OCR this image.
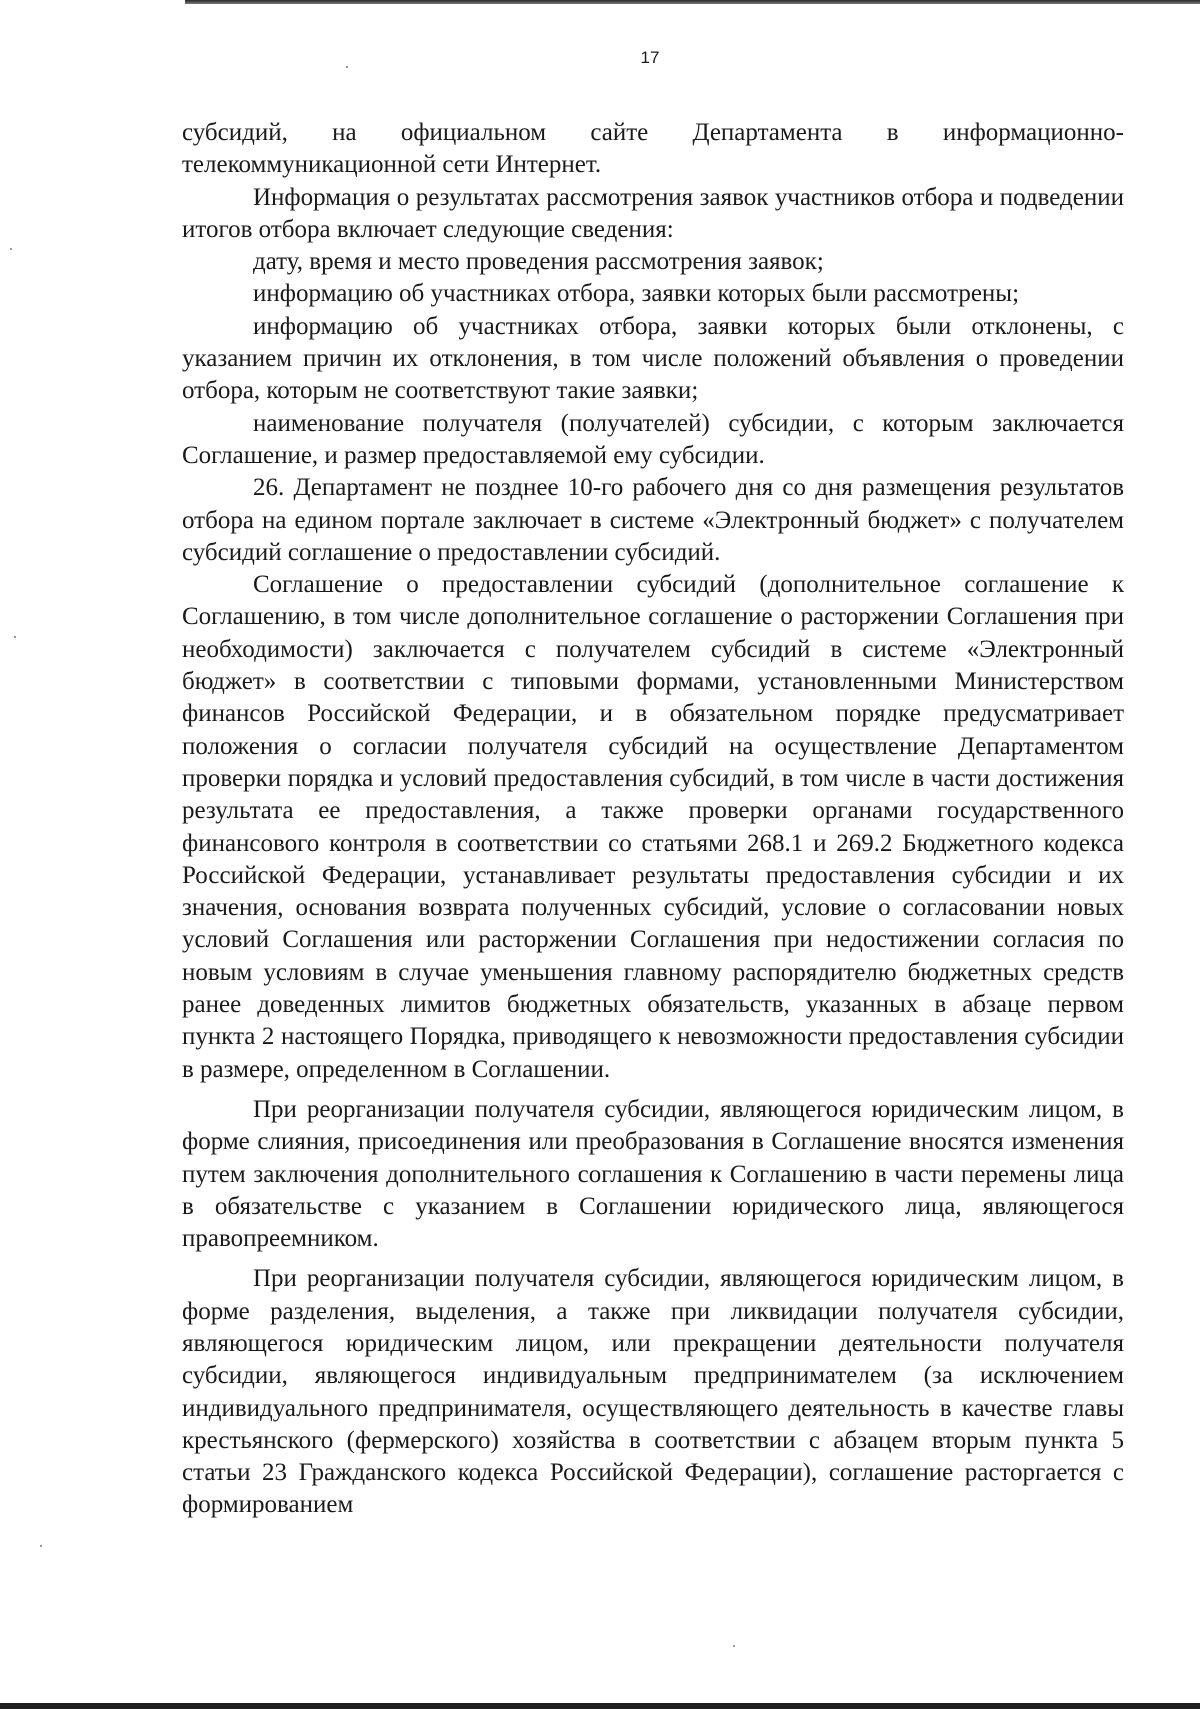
17

субсидий, на официальном сайте Департамента в информационно-телекоммуникационной сети Интернет.

Информация о результатах рассмотрения заявок участников отбора и подведении итогов отбора включает следующие сведения:

дату, время и место проведения рассмотрения заявок;

информацию об участниках отбора, заявки которых были рассмотрены;

информацию об участниках отбора, заявки которых были отклонены, с указанием причин их отклонения, в том числе положений объявления о проведении отбора, которым не соответствуют такие заявки;

наименование получателя (получателей) субсидии, с которым заключается Соглашение, и размер предоставляемой ему субсидии.

26. Департамент не позднее 10-го рабочего дня со дня размещения результатов отбора на едином портале заключает в системе «Электронный бюджет» с получателем субсидий соглашение о предоставлении субсидий.

Соглашение о предоставлении субсидий (дополнительное соглашение к Соглашению, в том числе дополнительное соглашение о расторжении Соглашения при необходимости) заключается с получателем субсидий в системе «Электронный бюджет» в соответствии с типовыми формами, установленными Министерством финансов Российской Федерации, и в обязательном порядке предусматривает положения о согласии получателя субсидий на осуществление Департаментом проверки порядка и условий предоставления субсидий, в том числе в части достижения результата ее предоставления, а также проверки органами государственного финансового контроля в соответствии со статьями 268.1 и 269.2 Бюджетного кодекса Российской Федерации, устанавливает результаты предоставления субсидии и их значения, основания возврата полученных субсидий, условие о согласовании новых условий Соглашения или расторжении Соглашения при недостижении согласия по новым условиям в случае уменьшения главному распорядителю бюджетных средств ранее доведенных лимитов бюджетных обязательств, указанных в абзаце первом пункта 2 настоящего Порядка, приводящего к невозможности предоставления субсидии в размере, определенном в Соглашении.

При реорганизации получателя субсидии, являющегося юридическим лицом, в форме слияния, присоединения или преобразования в Соглашение вносятся изменения путем заключения дополнительного соглашения к Соглашению в части перемены лица в обязательстве с указанием в Соглашении юридического лица, являющегося правопреемником.

При реорганизации получателя субсидии, являющегося юридическим лицом, в форме разделения, выделения, а также при ликвидации получателя субсидии, являющегося юридическим лицом, или прекращении деятельности получателя субсидии, являющегося индивидуальным предпринимателем (за исключением индивидуального предпринимателя, осуществляющего деятельность в качестве главы крестьянского (фермерского) хозяйства в соответствии с абзацем вторым пункта 5 статьи 23 Гражданского кодекса Российской Федерации), соглашение расторгается с формированием
